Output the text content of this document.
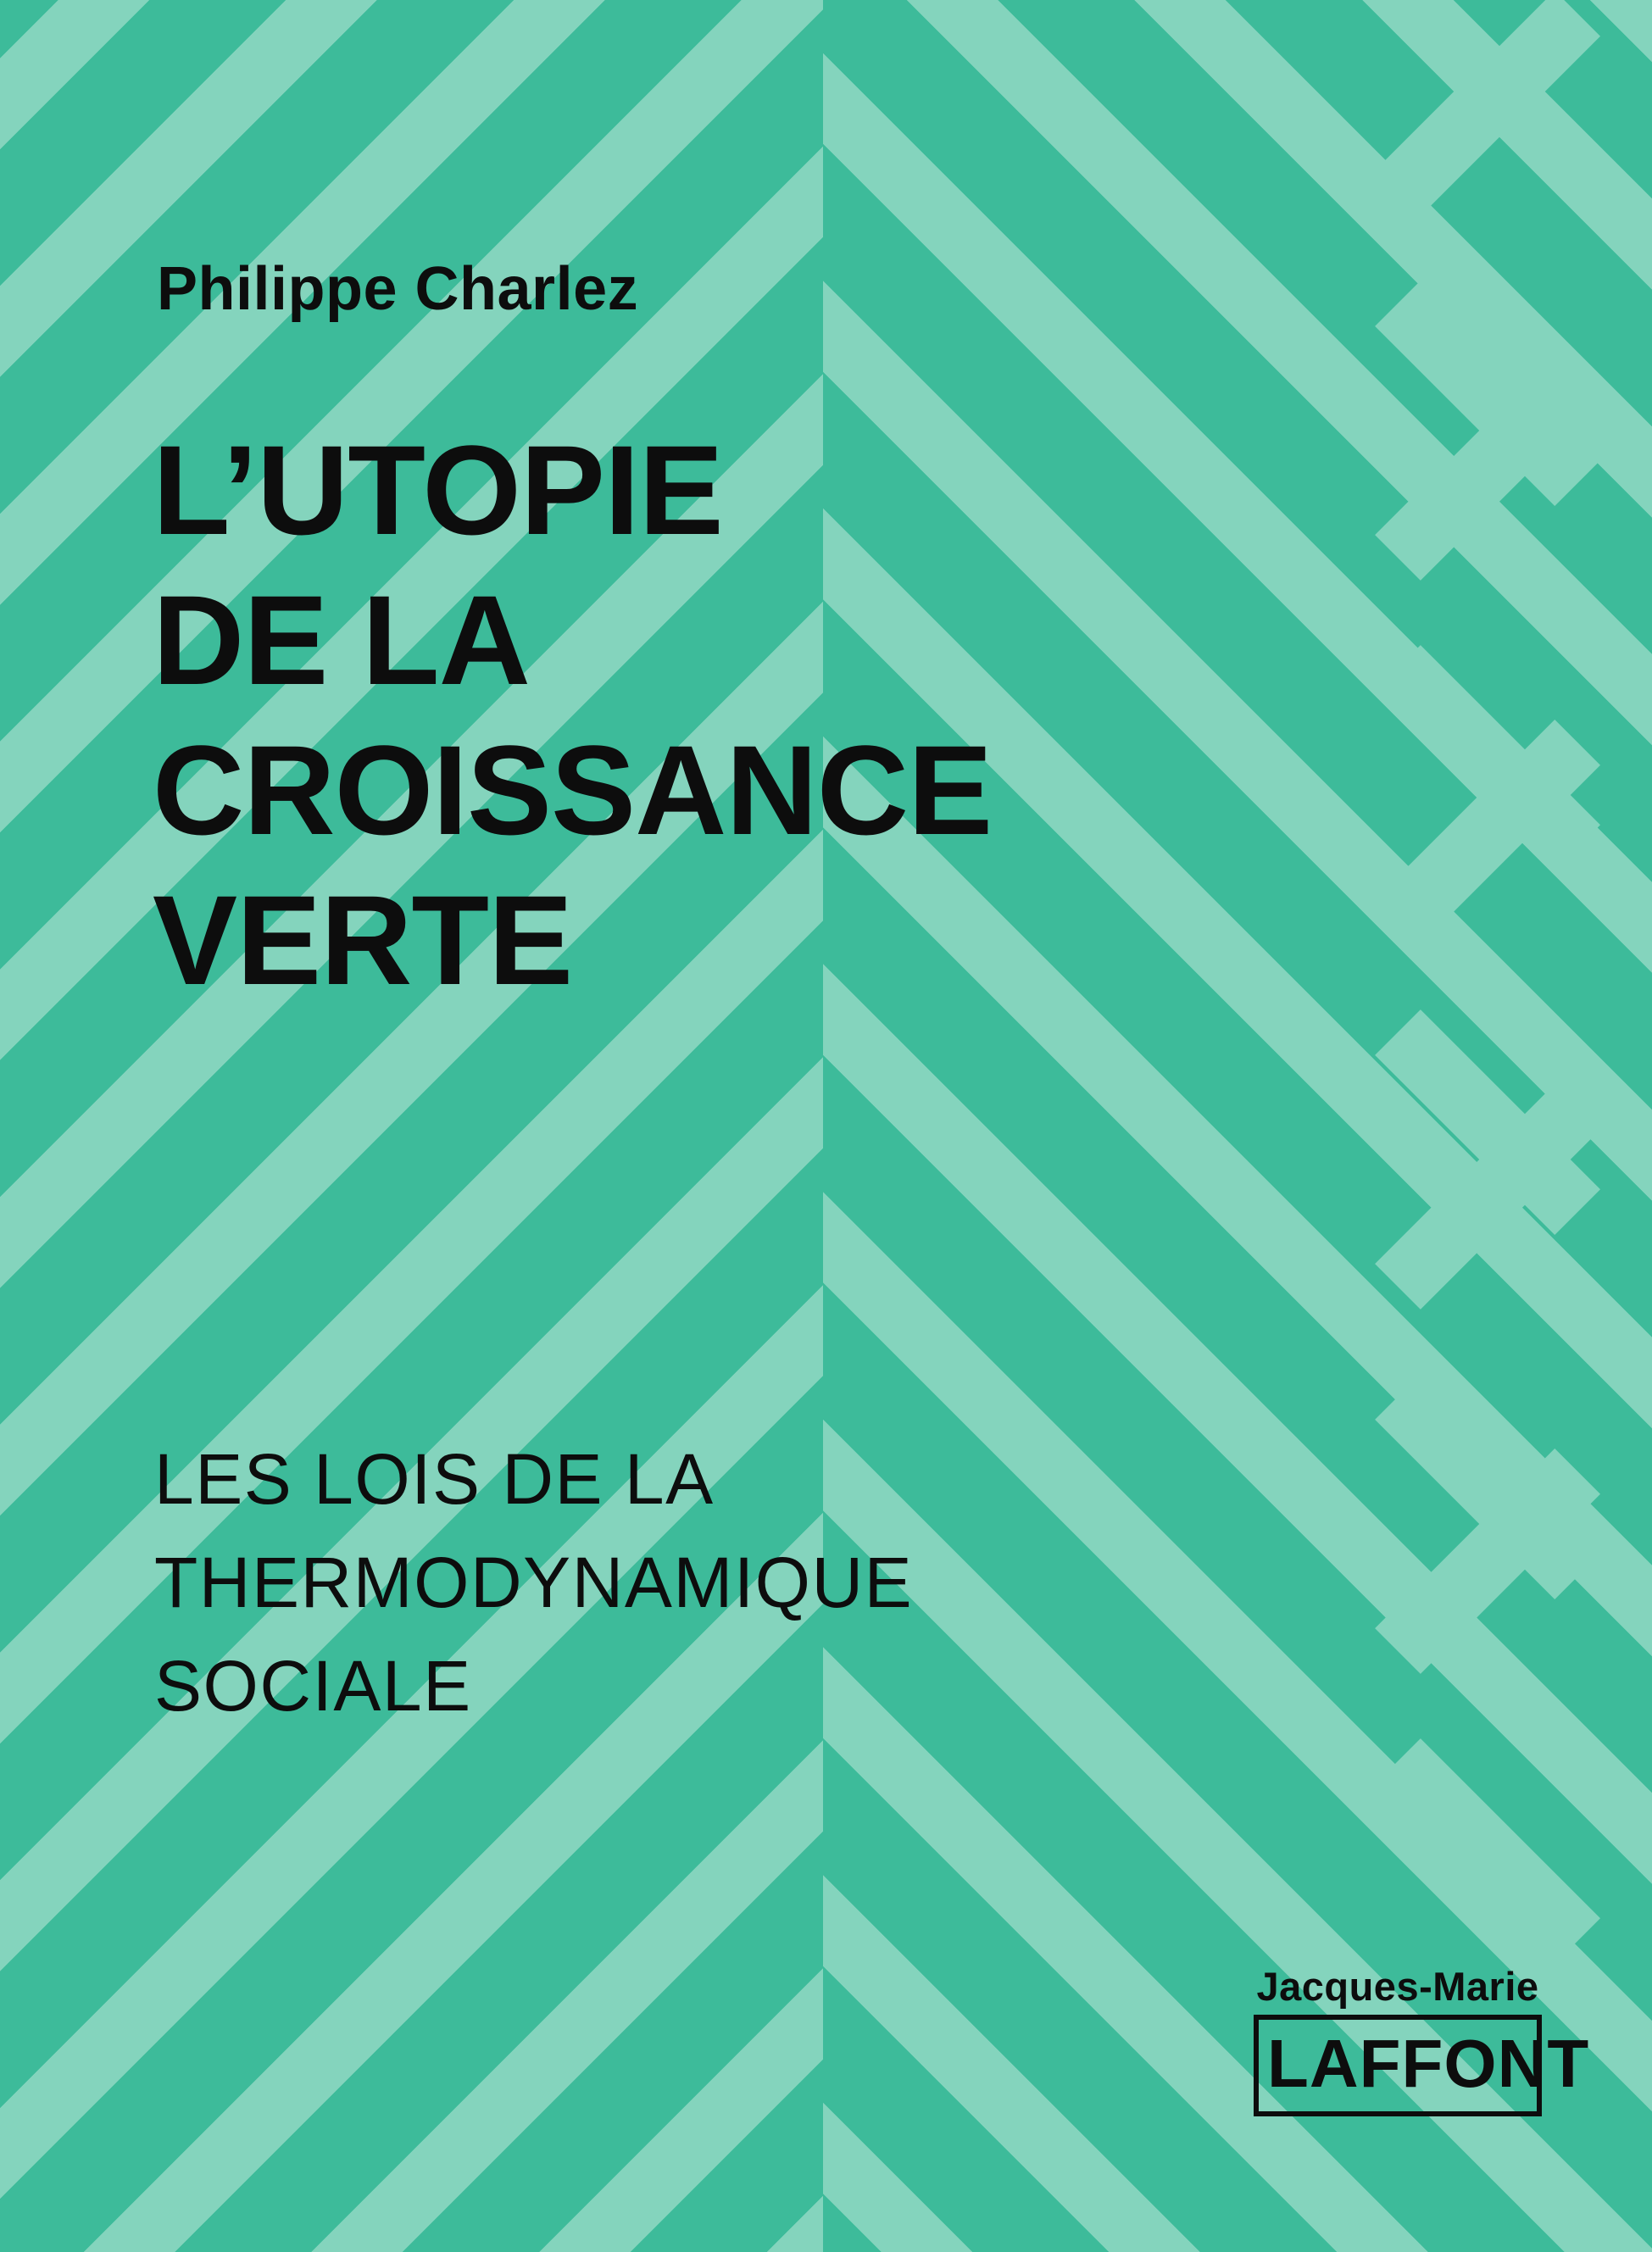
Philippe Charlez
L’UTOPIE
DE LA
CROISSANCE
VERTE
LES LOIS DE LA
THERMODYNAMIQUE
SOCIALE
Jacques-Marie
LAFFONT
